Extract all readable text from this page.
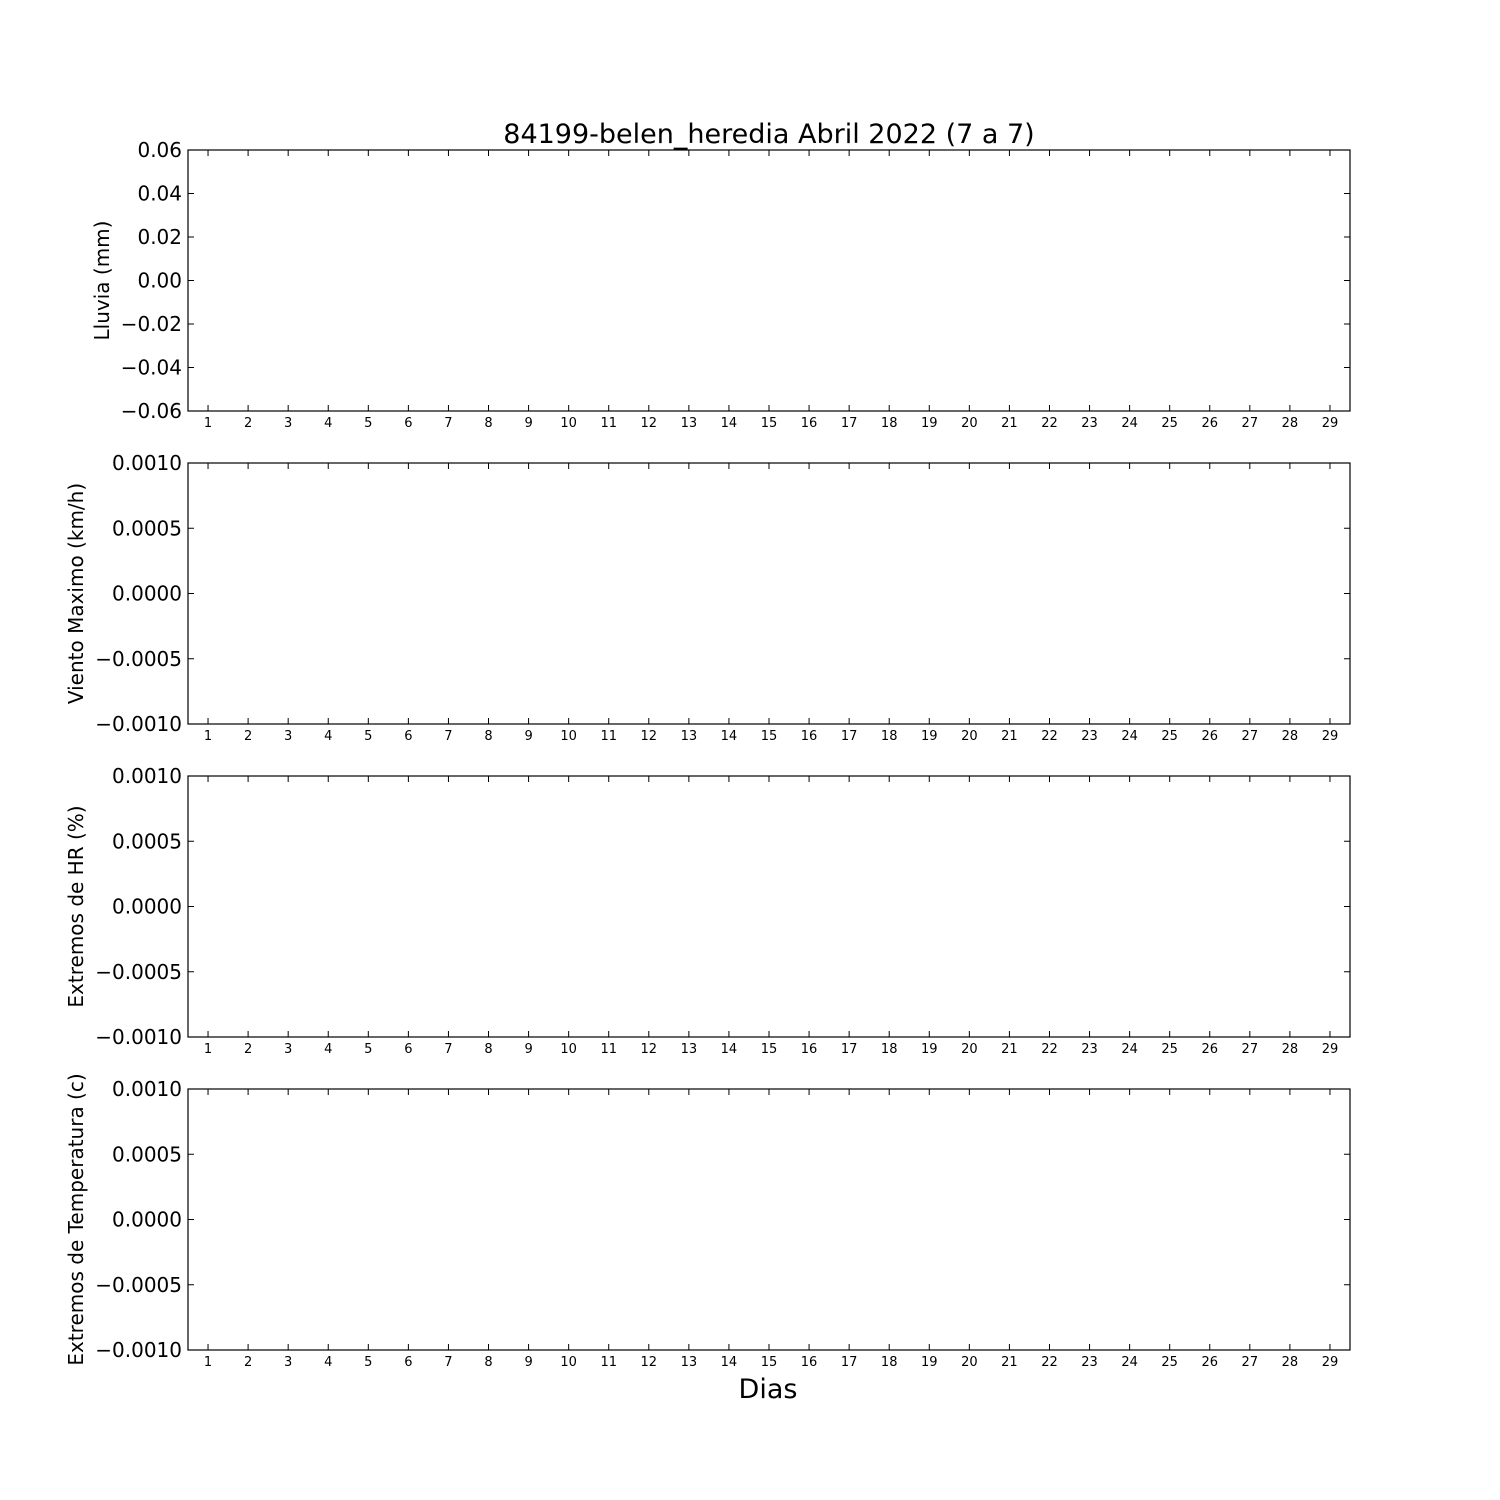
84199-belen_heredia Abril 2022 (7 a 7)
1 2 3 4 5 6 7 8 9 10 11 12 13 14 15 16 17 18 19 20 21 22 23 24 25 26 27 28 29
0.06
0.04
0.02
0.00
−0.02
−0.04
−0.06
Lluvia (mm)
1 2 3 4 5 6 7 8 9 10 11 12 13 14 15 16 17 18 19 20 21 22 23 24 25 26 27 28 29
0.0010
0.0005
0.0000
−0.0005
−0.0010
Viento Maximo (km/h)
1 2 3 4 5 6 7 8 9 10 11 12 13 14 15 16 17 18 19 20 21 22 23 24 25 26 27 28 29
0.0010
0.0005
0.0000
−0.0005
−0.0010
Extremos de HR (%)
1 2 3 4 5 6 7 8 9 10 11 12 13 14 15 16 17 18 19 20 21 22 23 24 25 26 27 28 29
0.0010
0.0005
0.0000
−0.0005
−0.0010
Extremos de Temperatura (c)
Dias
